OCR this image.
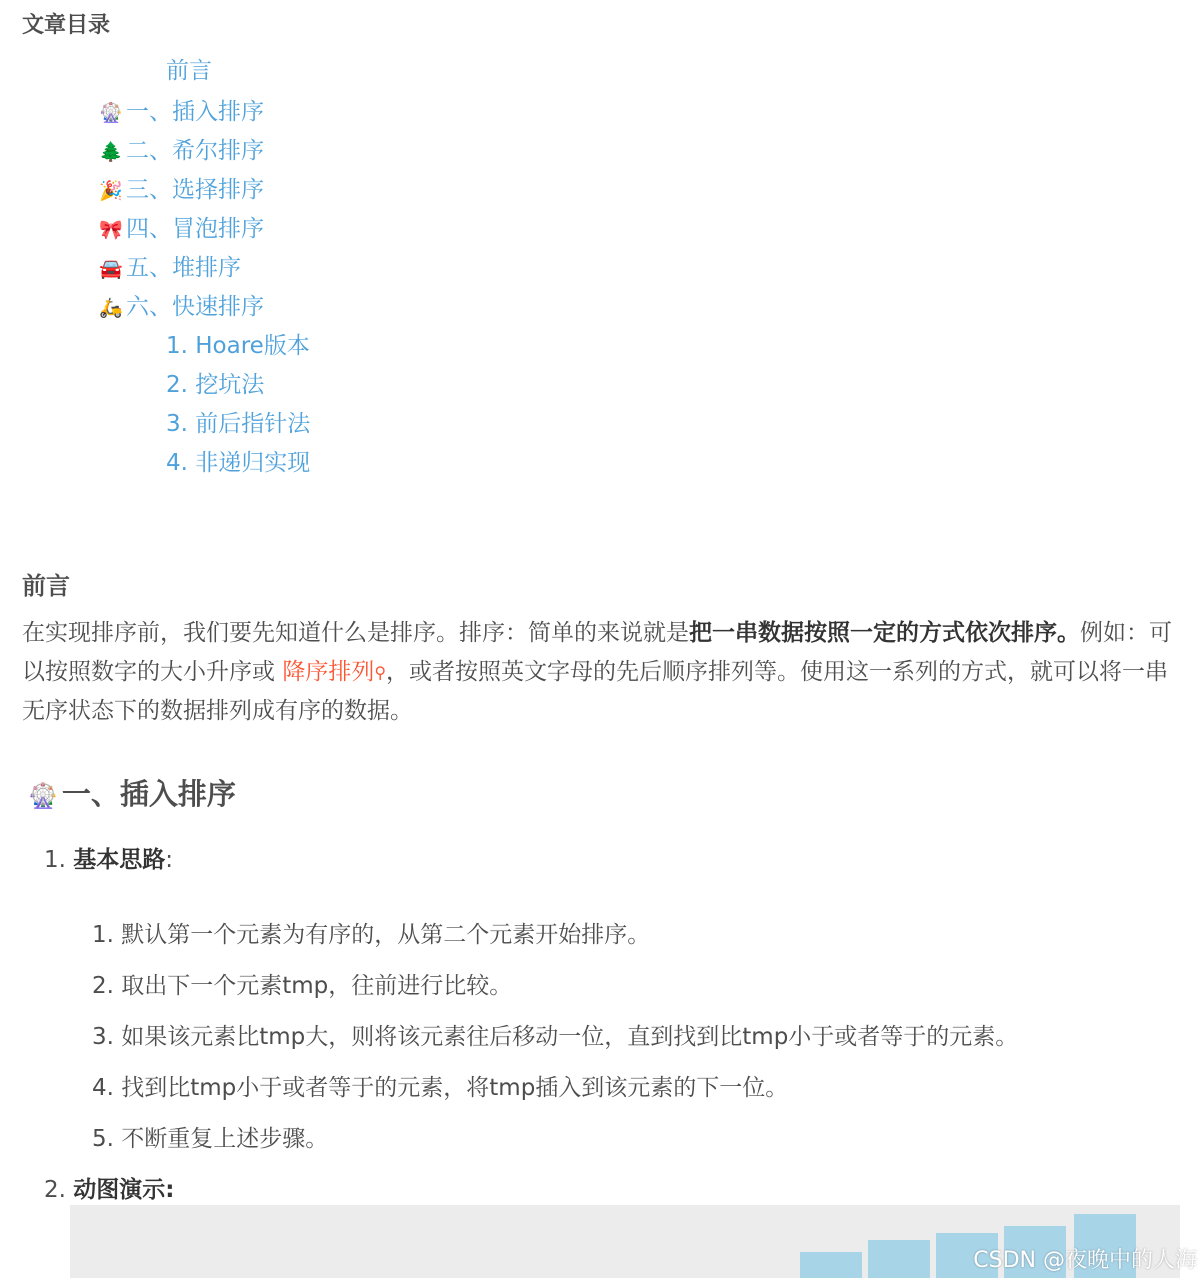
文章目录
前言
🎡 一、插入排序
🌲 二、希尔排序
🎉 三、选择排序
🎀 四、冒泡排序
🚘 五、堆排序
🛵 六、快速排序
1. Hoare版本
2. 挖坑法
3. 前后指针法
4. 非递归实现
前言
在实现排序前，我们要先知道什么是排序。排序：简单的来说就是把一串数据按照一定的方式依次排序。例如：可以按照数字的大小升序或 降序排列⚲，或者按照英文字母的先后顺序排列等。使用这一系列的方式，就可以将一串无序状态下的数据排列成有序的数据。
🎡 一、插入排序
1. 基本思路:
1. 默认第一个元素为有序的，从第二个元素开始排序。
2. 取出下一个元素tmp，往前进行比较。
3. 如果该元素比tmp大，则将该元素往后移动一位，直到找到比tmp小于或者等于的元素。
4. 找到比tmp小于或者等于的元素，将tmp插入到该元素的下一位。
5. 不断重复上述步骤。
2. 动图演示:
CSDN @夜晚中的人海
